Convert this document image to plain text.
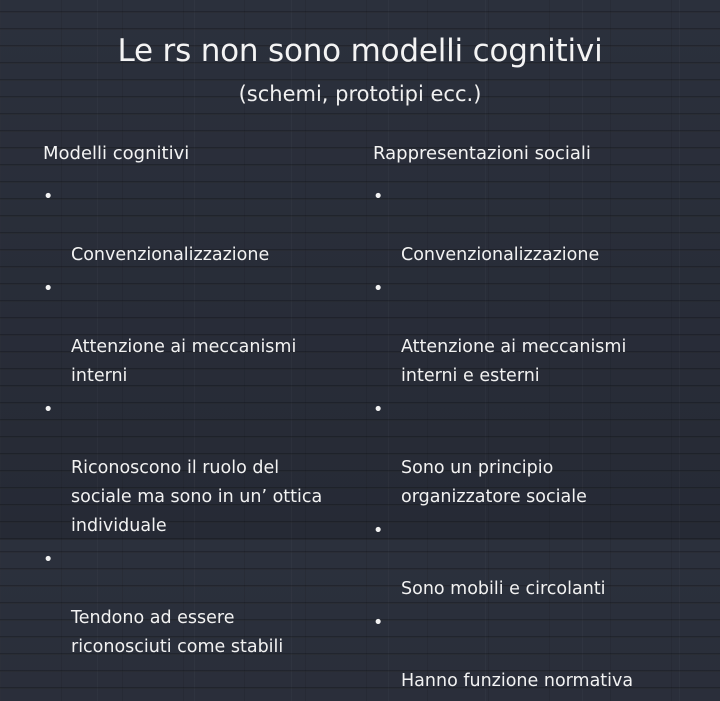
Le rs non sono modelli cognitivi
(schemi, prototipi ecc.)
Modelli cognitivi

•

Convenzionalizzazione

•

Attenzione ai meccanismi
interni

•

Riconoscono il ruolo del
sociale ma sono in un’ ottica
individuale

•

Tendono ad essere
riconosciuti come stabili

Rappresentazioni sociali

•

Convenzionalizzazione

•

Attenzione ai meccanismi
interni e esterni

•

Sono un principio
organizzatore sociale

•

Sono mobili e circolanti

•

Hanno funzione normativa
